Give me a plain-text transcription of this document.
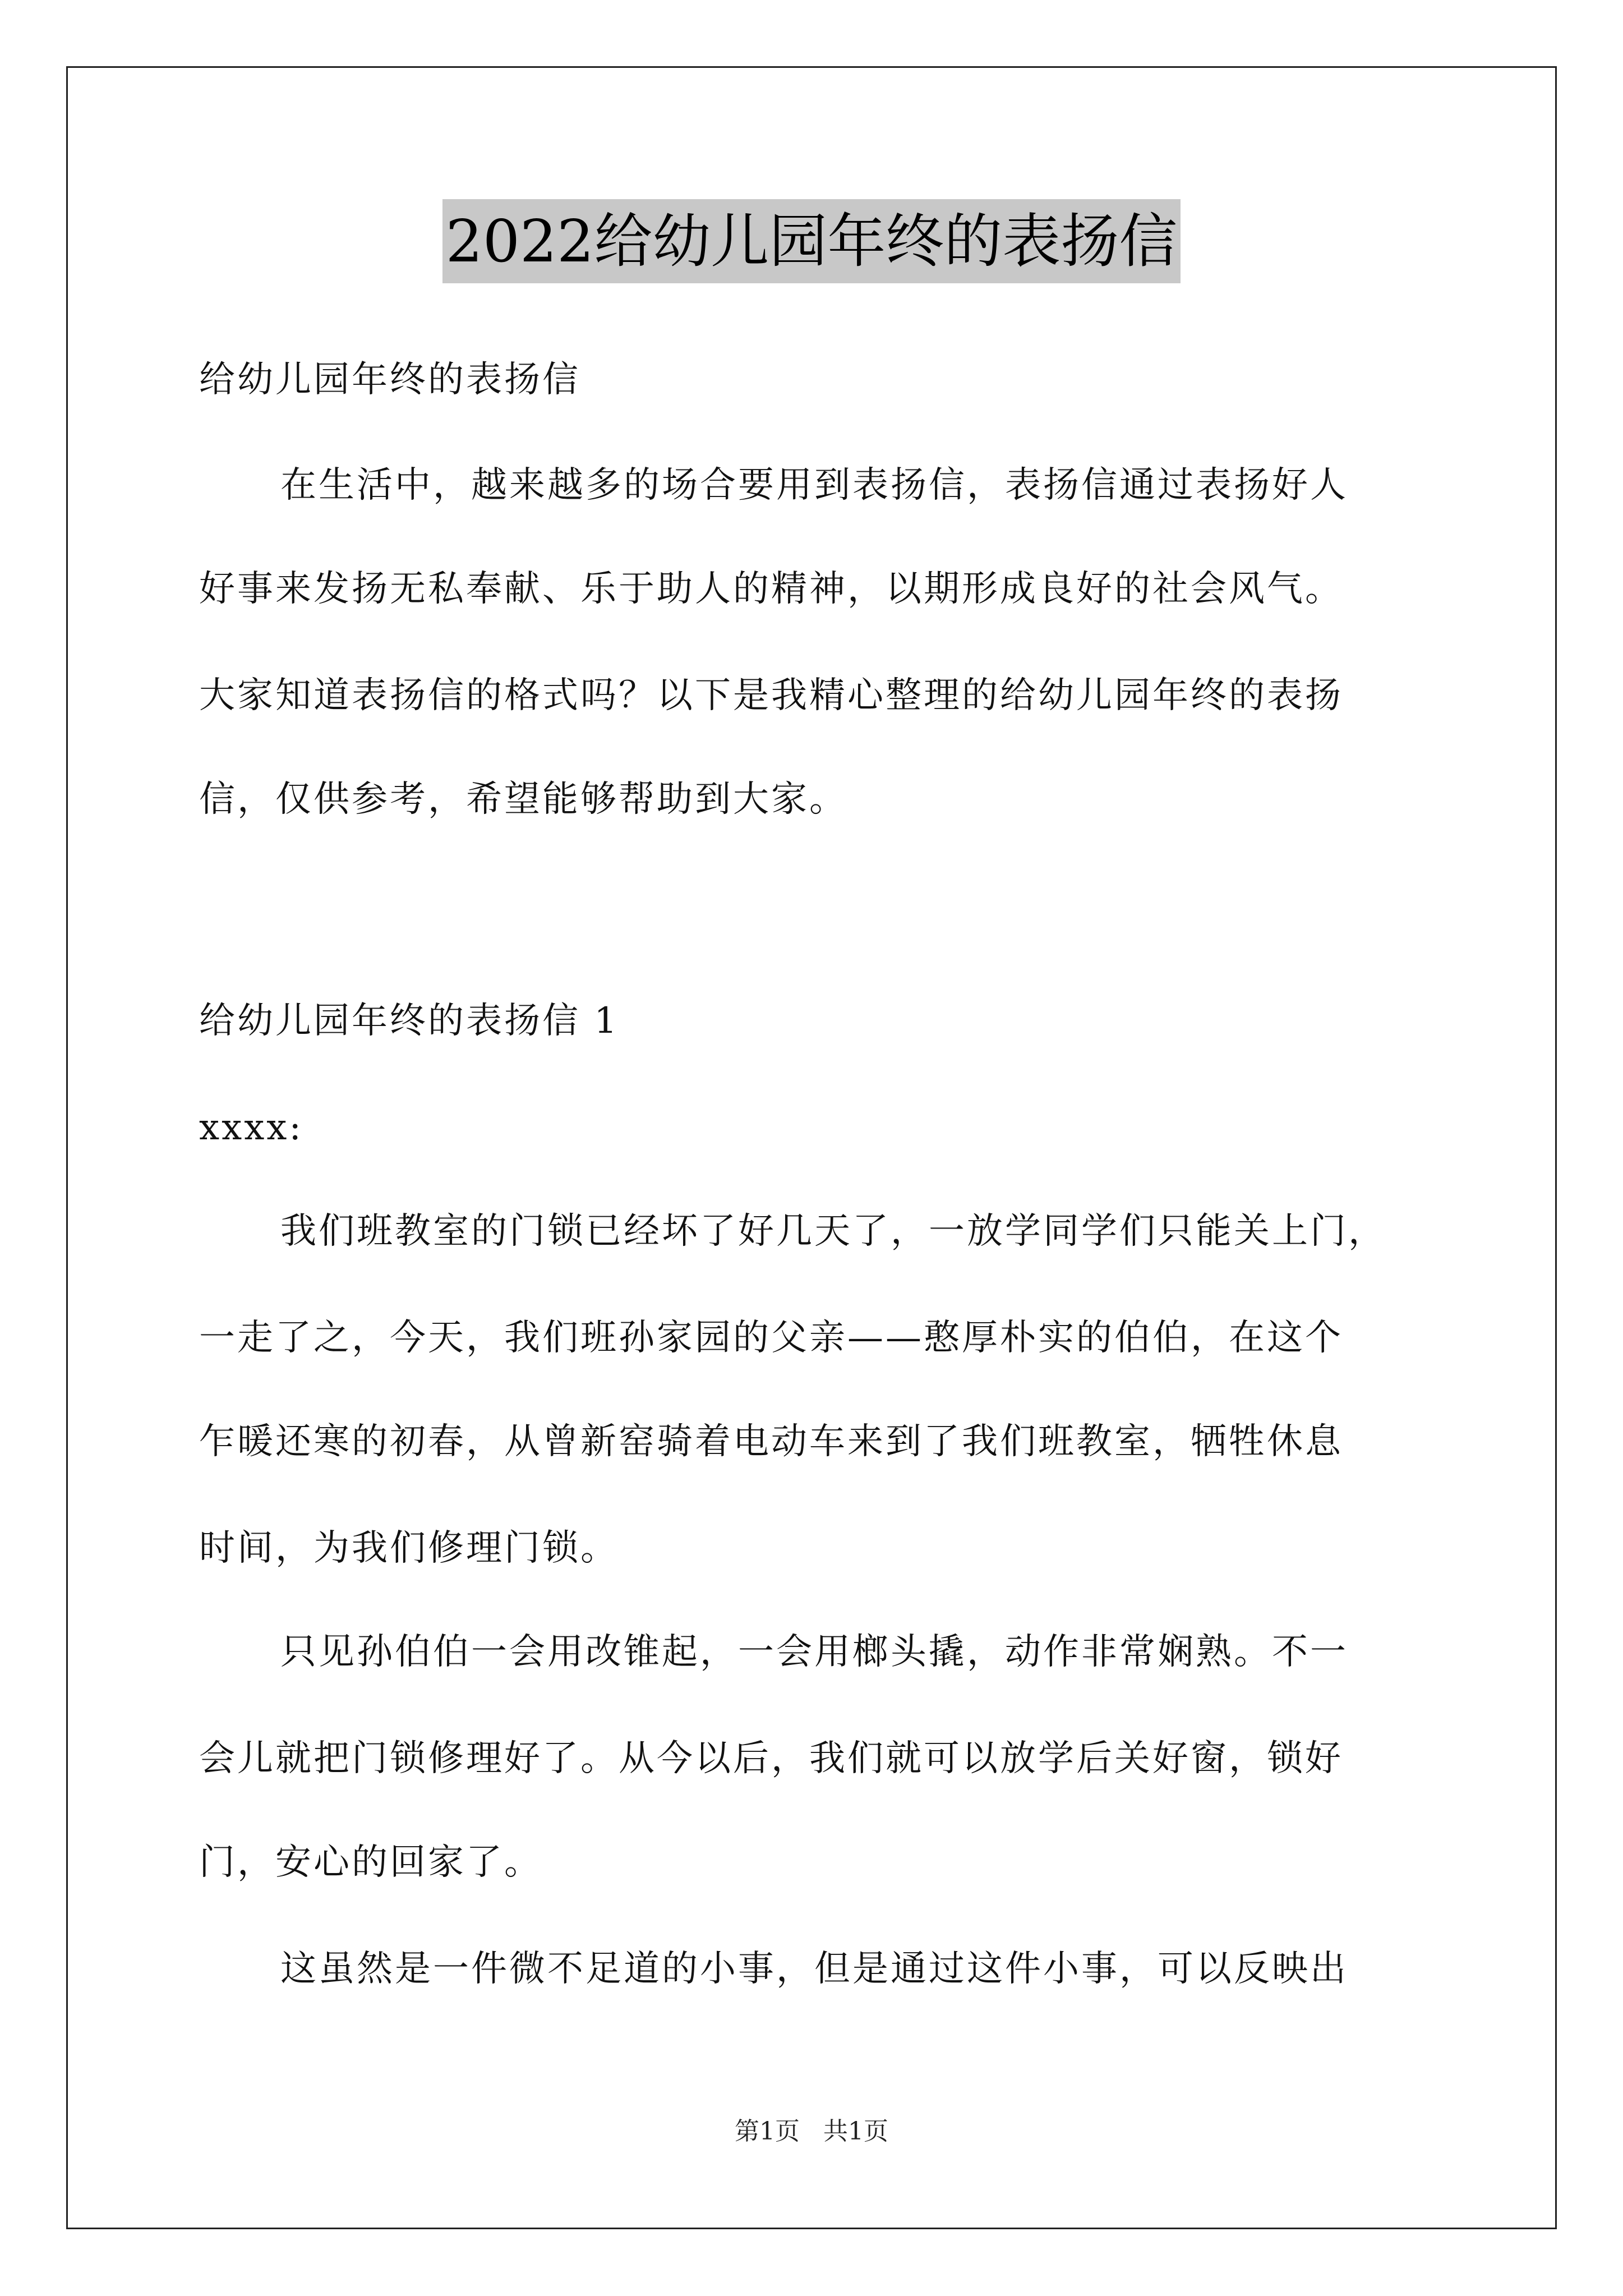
2022给幼儿园年终的表扬信
给幼儿园年终的表扬信
在生活中，越来越多的场合要用到表扬信，表扬信通过表扬好人
好事来发扬无私奉献、乐于助人的精神，以期形成良好的社会风气。
大家知道表扬信的格式吗？以下是我精心整理的给幼儿园年终的表扬
信，仅供参考，希望能够帮助到大家。
给幼儿园年终的表扬信 1
xxxx:
我们班教室的门锁已经坏了好几天了，一放学同学们只能关上门，
一走了之，今天，我们班孙家园的父亲——憨厚朴实的伯伯，在这个
乍暖还寒的初春，从曾新窑骑着电动车来到了我们班教室，牺牲休息
时间，为我们修理门锁。
只见孙伯伯一会用改锥起，一会用榔头撬，动作非常娴熟。不一
会儿就把门锁修理好了。从今以后，我们就可以放学后关好窗，锁好
门，安心的回家了。
这虽然是一件微不足道的小事，但是通过这件小事，可以反映出
第1页   共1页
